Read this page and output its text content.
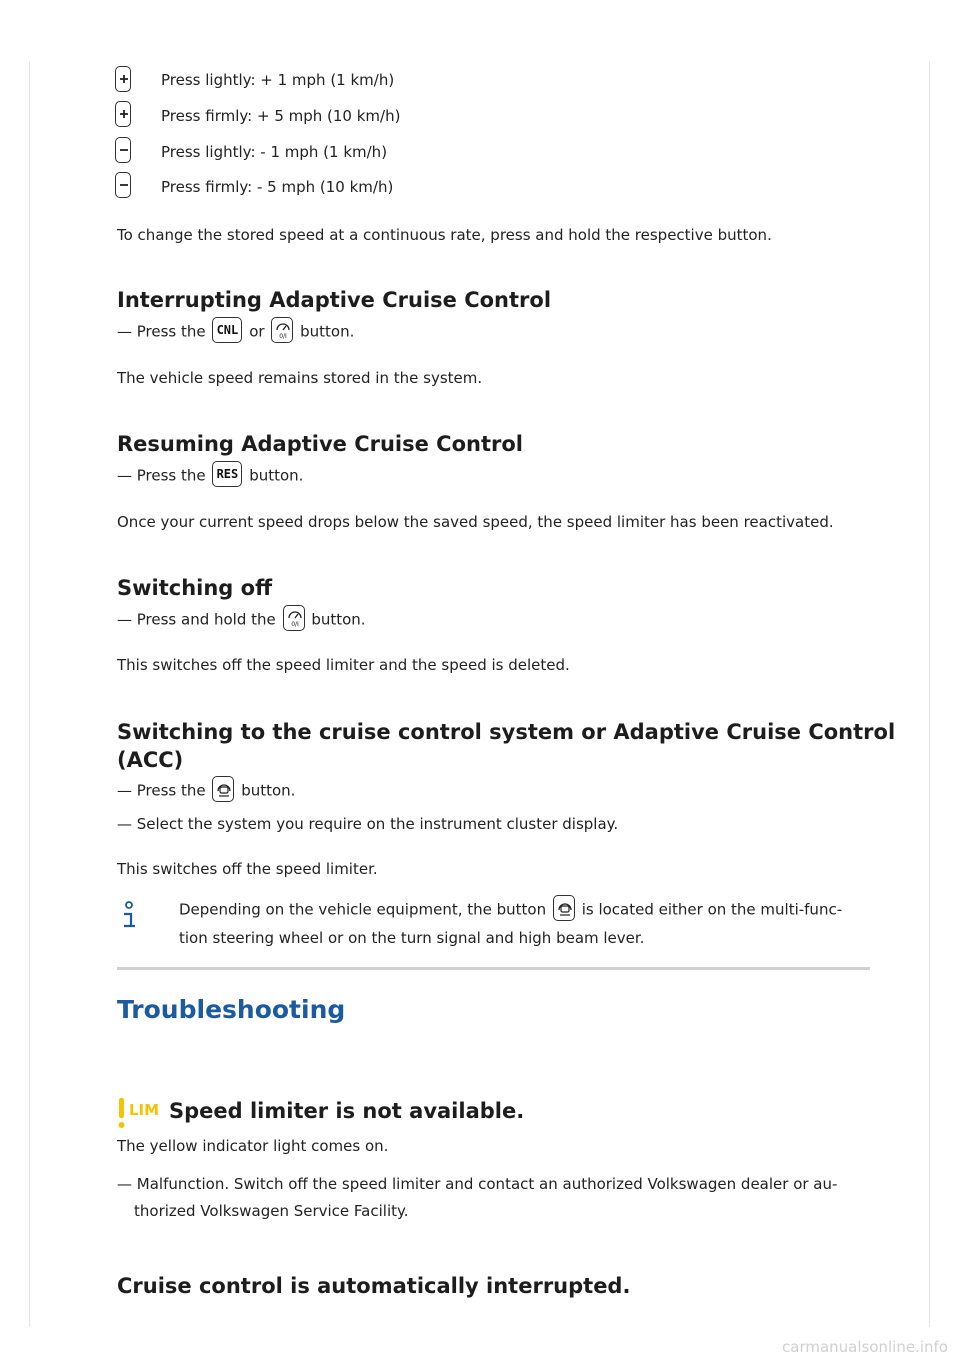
Press lightly: + 1 mph (1 km/h)
Press firmly: + 5 mph (10 km/h)
Press lightly: - 1 mph (1 km/h)
Press firmly: - 5 mph (10 km/h)
To change the stored speed at a continuous rate, press and hold the respective button.
Interrupting Adaptive Cruise Control
— Press the CNL or 0/I button.
The vehicle speed remains stored in the system.
Resuming Adaptive Cruise Control
— Press the RES button.
Once your current speed drops below the saved speed, the speed limiter has been reactivated.
Switching off
— Press and hold the 0/I button.
This switches off the speed limiter and the speed is deleted.
Switching to the cruise control system or Adaptive Cruise Control
(ACC)
— Press the button.
— Select the system you require on the instrument cluster display.
This switches off the speed limiter.
Depending on the vehicle equipment, the button is located either on the multi-func-
tion steering wheel or on the turn signal and high beam lever.
Troubleshooting
LIM Speed limiter is not available.
The yellow indicator light comes on.
— Malfunction. Switch off the speed limiter and contact an authorized Volkswagen dealer or au-
thorized Volkswagen Service Facility.
Cruise control is automatically interrupted.
carmanualsonline.info
